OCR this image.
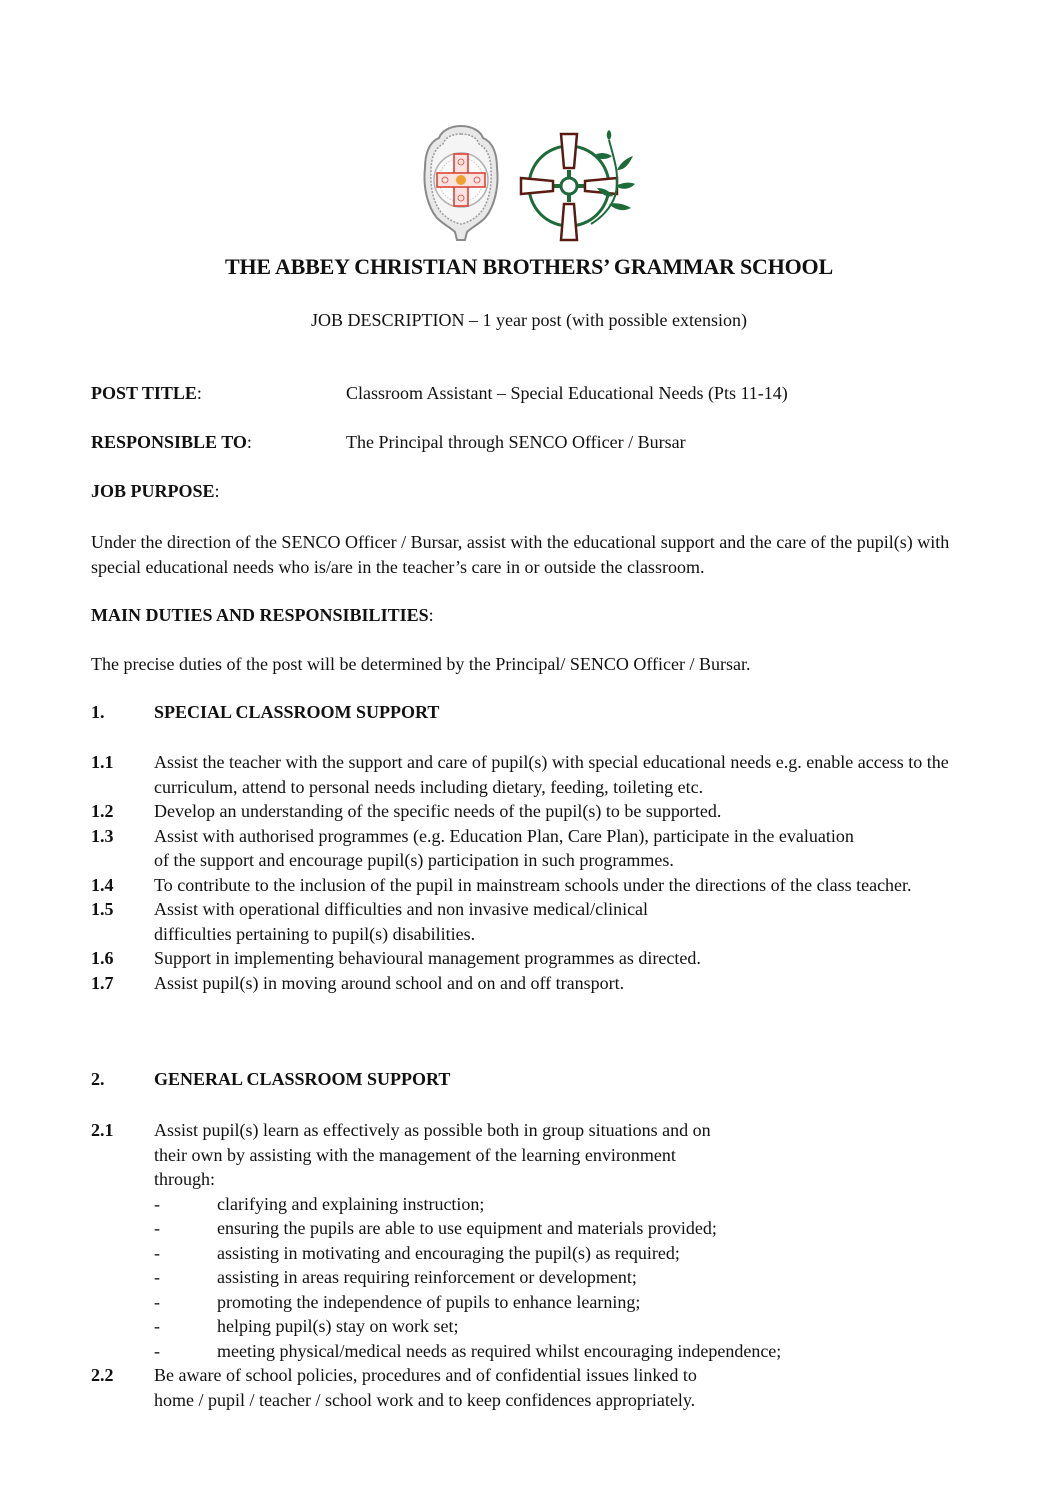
THE ABBEY CHRISTIAN BROTHERS’ GRAMMAR SCHOOL
JOB DESCRIPTION – 1 year post (with possible extension)
POST TITLE:	Classroom Assistant – Special Educational Needs (Pts 11-14)
RESPONSIBLE TO:	The Principal through SENCO Officer / Bursar
JOB PURPOSE:
Under the direction of the SENCO Officer / Bursar, assist with the educational support and the care of the pupil(s) with special educational needs who is/are in the teacher’s care in or outside the classroom.
MAIN DUTIES AND RESPONSIBILITIES:
The precise duties of the post will be determined by the Principal/ SENCO Officer / Bursar.
1.	SPECIAL CLASSROOM SUPPORT
1.1	Assist the teacher with the support and care of pupil(s) with special educational needs e.g. enable access to the curriculum, attend to personal needs including dietary, feeding, toileting etc.
1.2	Develop an understanding of the specific needs of the pupil(s) to be supported.
1.3	Assist with authorised programmes (e.g. Education Plan, Care Plan), participate in the evaluation of the support and encourage pupil(s) participation in such programmes.
1.4	To contribute to the inclusion of the pupil in mainstream schools under the directions of the class teacher.
1.5	Assist with operational difficulties and non invasive medical/clinical
difficulties pertaining to pupil(s) disabilities.
1.6	Support in implementing behavioural management programmes as directed.
1.7	Assist pupil(s) in moving around school and on and off transport.
2.	GENERAL CLASSROOM SUPPORT
2.1	Assist pupil(s) learn as effectively as possible both in group situations and on
their own by assisting with the management of the learning environment
through:
-	clarifying and explaining instruction;
-	ensuring the pupils are able to use equipment and materials provided;
-	assisting in motivating and encouraging the pupil(s) as required;
-	assisting in areas requiring reinforcement or development;
-	promoting the independence of pupils to enhance learning;
-	helping pupil(s) stay on work set;
-	meeting physical/medical needs as required whilst encouraging independence;
2.2	Be aware of school policies, procedures and of confidential issues linked to
home / pupil / teacher / school work and to keep confidences appropriately.
